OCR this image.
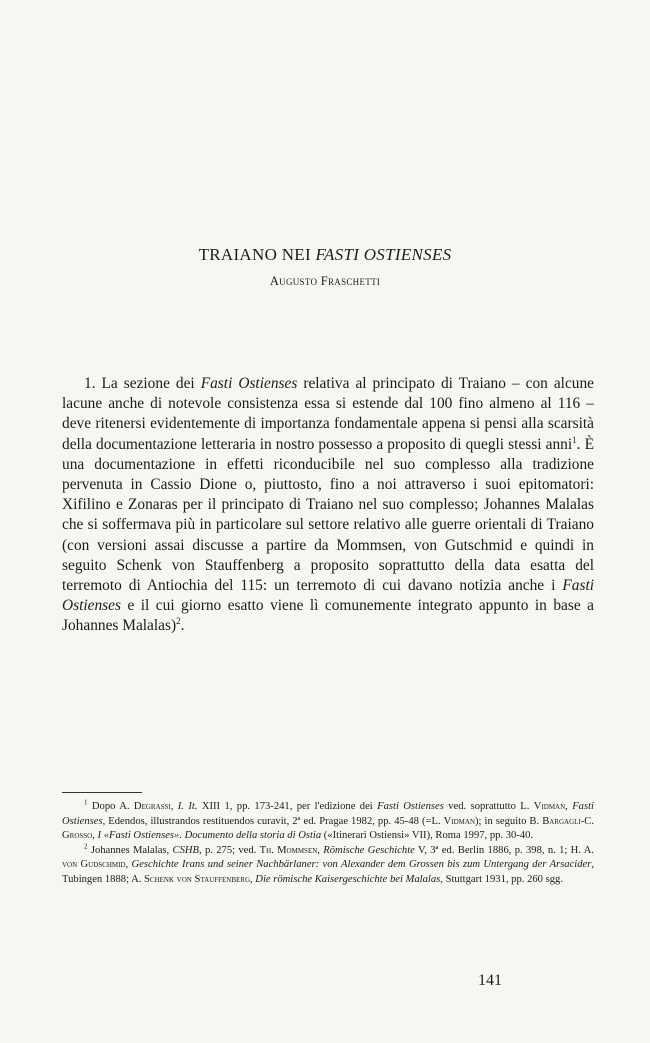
TRAIANO NEI FASTI OSTIENSES
Augusto Fraschetti

1. La sezione dei Fasti Ostienses relativa al principato di Traiano – con alcune lacune anche di notevole consistenza essa si estende dal 100 fino almeno al 116 – deve ritenersi evidentemente di importanza fondamentale appena si pensi alla scarsità della documentazione letteraria in nostro possesso a proposito di quegli stessi anni$^1$. È una documentazione in effetti riconducibile nel suo complesso alla tradizione pervenuta in Cassio Dione o, piuttosto, fino a noi attraverso i suoi epitomatori: Xifilino e Zonaras per il principato di Traiano nel suo complesso; Johannes Malalas che si soffermava più in particolare sul settore relativo alle guerre orientali di Traiano (con versioni assai discusse a partire da Mommsen, von Gutschmid e quindi in seguito Schenk von Stauffenberg a proposito soprattutto della data esatta del terremoto di Antiochia del 115: un terremoto di cui davano notizia anche i Fasti Ostienses e il cui giorno esatto viene lì comunemente integrato appunto in base a Johannes Malalas)$^2$.

$^1$ Dopo A. Degrassi, I. It. XIII 1, pp. 173-241, per l'edizione dei Fasti Ostienses ved. soprattutto L. Vidman, Fasti Ostienses, Edendos, illustrandos restituendos curavit, 2ª ed. Pragae 1982, pp. 45-48 (=L. Vidman); in seguito B. Bargagli-C. Grosso, I «Fasti Ostienses». Documento della storia di Ostia («Itinerari Ostiensi» VII), Roma 1997, pp. 30-40.

$^2$ Johannes Malalas, CSHB, p. 275; ved. Th. Mommsen, Römische Geschichte V, 3ª ed. Berlin 1886, p. 398, n. 1; H. A. von Gudschmid, Geschichte Irans und seiner Nachbärlaner: von Alexander dem Grossen bis zum Untergang der Arsacider, Tubingen 1888; A. Schenk von Stauffenberg, Die römische Kaisergeschichte bei Malalas, Stuttgart 1931, pp. 260 sgg.

141
